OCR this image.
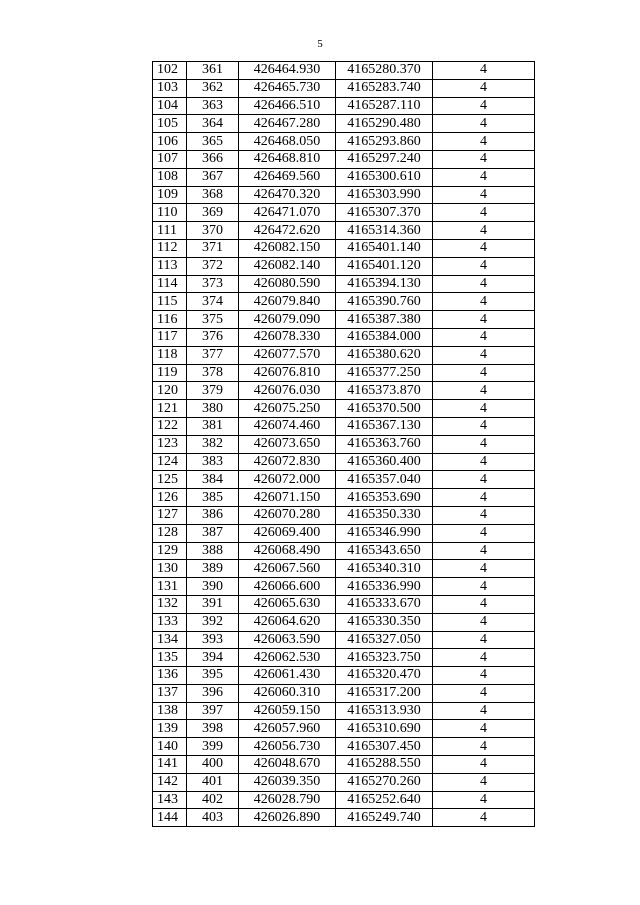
5
102	361	426464.930	4165280.370	4
103	362	426465.730	4165283.740	4
104	363	426466.510	4165287.110	4
105	364	426467.280	4165290.480	4
106	365	426468.050	4165293.860	4
107	366	426468.810	4165297.240	4
108	367	426469.560	4165300.610	4
109	368	426470.320	4165303.990	4
110	369	426471.070	4165307.370	4
111	370	426472.620	4165314.360	4
112	371	426082.150	4165401.140	4
113	372	426082.140	4165401.120	4
114	373	426080.590	4165394.130	4
115	374	426079.840	4165390.760	4
116	375	426079.090	4165387.380	4
117	376	426078.330	4165384.000	4
118	377	426077.570	4165380.620	4
119	378	426076.810	4165377.250	4
120	379	426076.030	4165373.870	4
121	380	426075.250	4165370.500	4
122	381	426074.460	4165367.130	4
123	382	426073.650	4165363.760	4
124	383	426072.830	4165360.400	4
125	384	426072.000	4165357.040	4
126	385	426071.150	4165353.690	4
127	386	426070.280	4165350.330	4
128	387	426069.400	4165346.990	4
129	388	426068.490	4165343.650	4
130	389	426067.560	4165340.310	4
131	390	426066.600	4165336.990	4
132	391	426065.630	4165333.670	4
133	392	426064.620	4165330.350	4
134	393	426063.590	4165327.050	4
135	394	426062.530	4165323.750	4
136	395	426061.430	4165320.470	4
137	396	426060.310	4165317.200	4
138	397	426059.150	4165313.930	4
139	398	426057.960	4165310.690	4
140	399	426056.730	4165307.450	4
141	400	426048.670	4165288.550	4
142	401	426039.350	4165270.260	4
143	402	426028.790	4165252.640	4
144	403	426026.890	4165249.740	4
